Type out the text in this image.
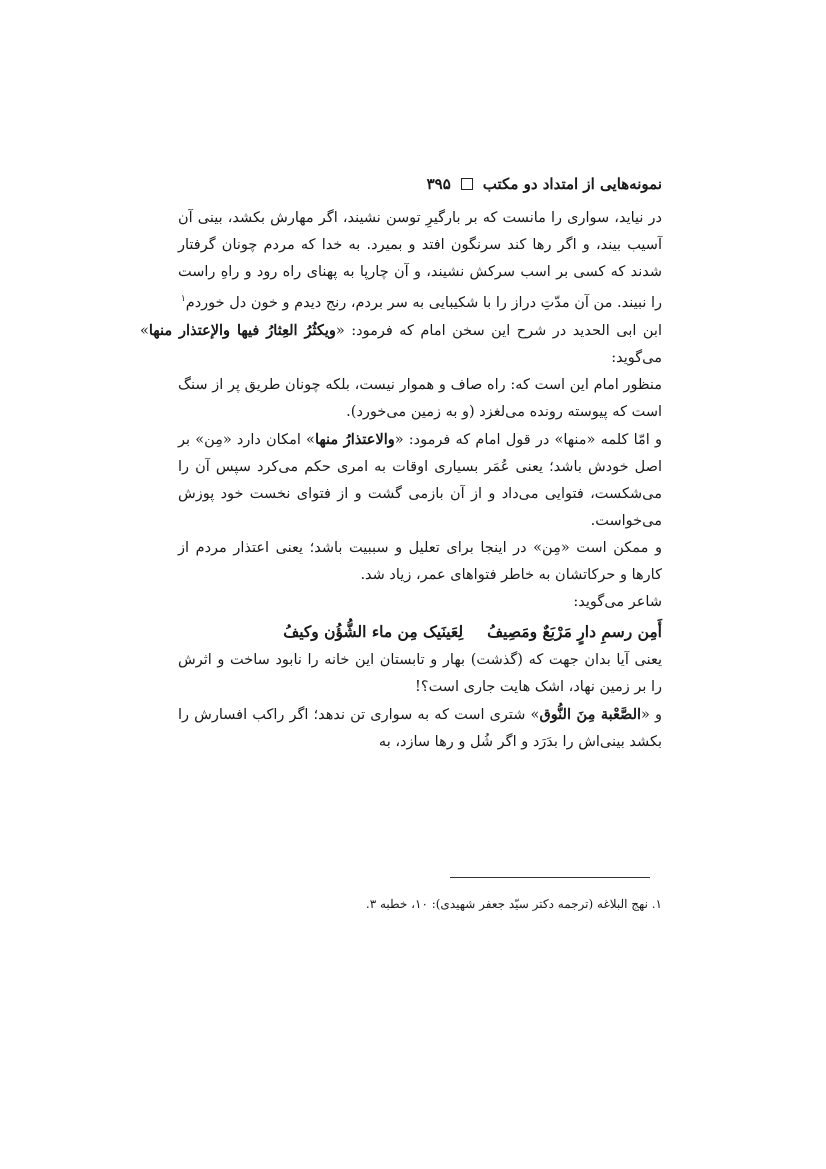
نمونه‌هایی از امتداد دو مکتب
۳۹۵

در نیاید، سواری را مانست که بر بارگیرِ توسن نشیند، اگر مهارش بکشد، بینی آن آسیب بیند، و اگر رها کند سرنگون افتد و بمیرد. به خدا که مردم چونان گرفتار شدند که کسی بر اسب سرکش نشیند، و آن چارپا به پهنای راه رود و راهِ راست را نبیند. من آن مدّتِ دراز را با شکیبایی به سر بردم، رنج دیدم و خون دل خوردم$^۱$

ابن ابی الحدید در شرح این سخن امام که فرمود: «ویکثُرُ العِثارُ فیها والإعتذار منها» می‌گوید:

منظور امام این است که: راه صاف و هموار نیست، بلکه چونان طریق پر از سنگ است که پیوسته رونده می‌لغزد (و به زمین می‌خورد).

و امّا کلمه «منها» در قول امام که فرمود: «والاعتذارُ منها» امکان دارد «مِن» بر اصل خودش باشد؛ یعنی عُمَر بسیاری اوقات به امری حکم می‌کرد سپس آن را می‌شکست، فتوایی می‌داد و از آن بازمی گشت و از فتوای نخست خود پوزش می‌خواست.

و ممکن است «مِن» در اینجا برای تعلیل و سببیت باشد؛ یعنی اعتذار مردم از کارها و حرکاتشان به خاطر فتواهای عمر، زیاد شد.

شاعر می‌گوید:

أَمِن رسمِ دارٍ مَرْبَعٌ ومَصِيفُ
لِعَينَيک مِن ماء الشُّؤُن وکيفُ

یعنی آیا بدان جهت که (گذشت) بهار و تابستان این خانه را نابود ساخت و اثرش را بر زمین نهاد، اشک هایت جاری است؟!

و «الصَّعْبة مِنَ النُّوق» شتری است که به سواری تن ندهد؛ اگر راکب افسارش را بکشد بینی‌اش را بدَرَد و اگر شُل و رها سازد، به

۱. نهج البلاغه (ترجمه دکتر سیّد جعفر شهیدی): ۱۰، خطبه ۳.
